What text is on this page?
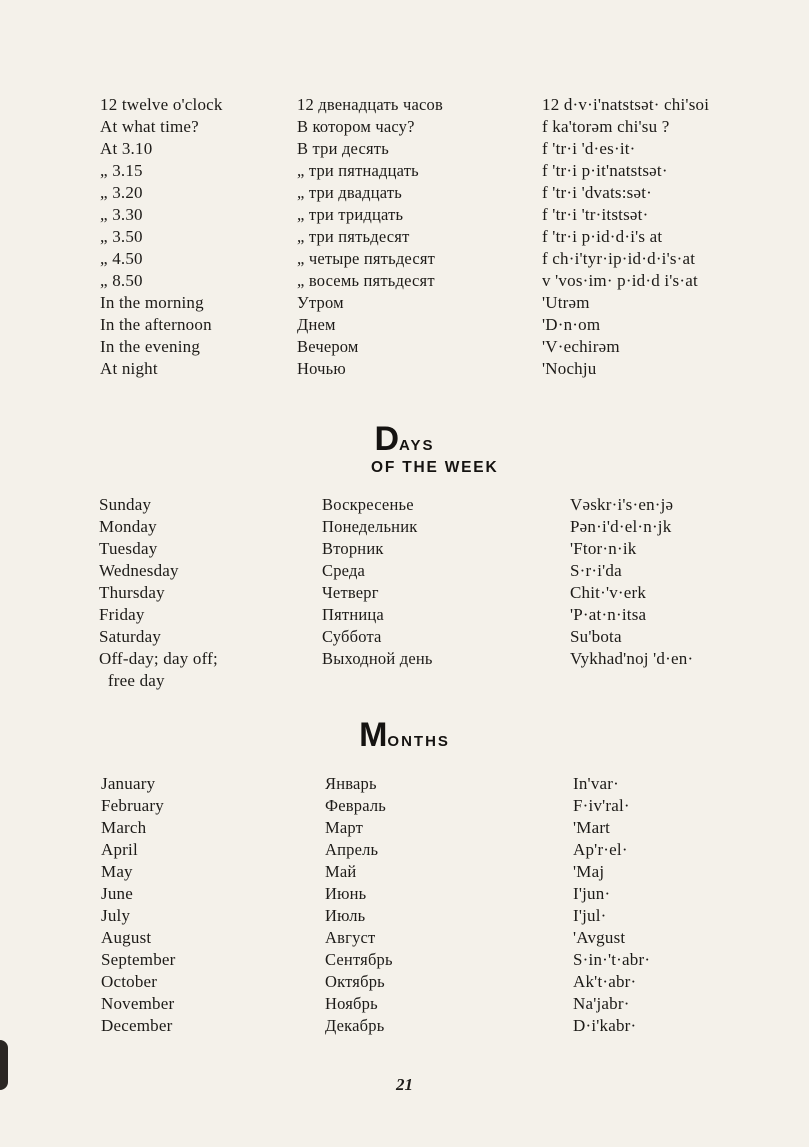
12 twelve o'clock	12 двенадцать часов	12 d·v·i'natstsət· chi'soi
At what time?	В котором часу?	f ka'torəm chi'su ?
At 3.10	В три десять	f 'tr·i 'd·es·it·
„ 3.15	„ три пятнадцать	f 'tr·i p·it'natstsət·
„ 3.20	„ три двадцать	f 'tr·i 'dvats:sət·
„ 3.30	„ три тридцать	f 'tr·i 'tr·itstsət·
„ 3.50	„ три пятьдесят	f 'tr·i p·id·d·i's at
„ 4.50	„ четыре пятьдесят	f ch·i'tyr·ip·id·d·i's·at
„ 8.50	„ восемь пятьдесят	v 'vos·im· p·id·d i's·at
In the morning	Утром	'Utrəm
In the afternoon	Днем	'D·n·om
In the evening	Вечером	'V·echirəm
At night	Ночью	'Nochju
DAYS
OF THE WEEK
Sunday	Воскресенье	Vəskr·i's·en·jə
Monday	Понедельник	Pən·i'd·el·n·jk
Tuesday	Вторник	'Ftor·n·ik
Wednesday	Среда	S·r·i'da
Thursday	Четверг	Chit·'v·erk
Friday	Пятница	'P·at·n·itsa
Saturday	Суббота	Su'bota
Off-day; day off;	Выходной день	Vykhad'noj 'd·en·
free day
MONTHS
January	Январь	In'var·
February	Февраль	F·iv'ral·
March	Март	'Mart
April	Апрель	Ap'r·el·
May	Май	'Maj
June	Июнь	I'jun·
July	Июль	I'jul·
August	Август	'Avgust
September	Сентябрь	S·in·'t·abr·
October	Октябрь	Ak't·abr·
November	Ноябрь	Na'jabr·
December	Декабрь	D·i'kabr·
21
